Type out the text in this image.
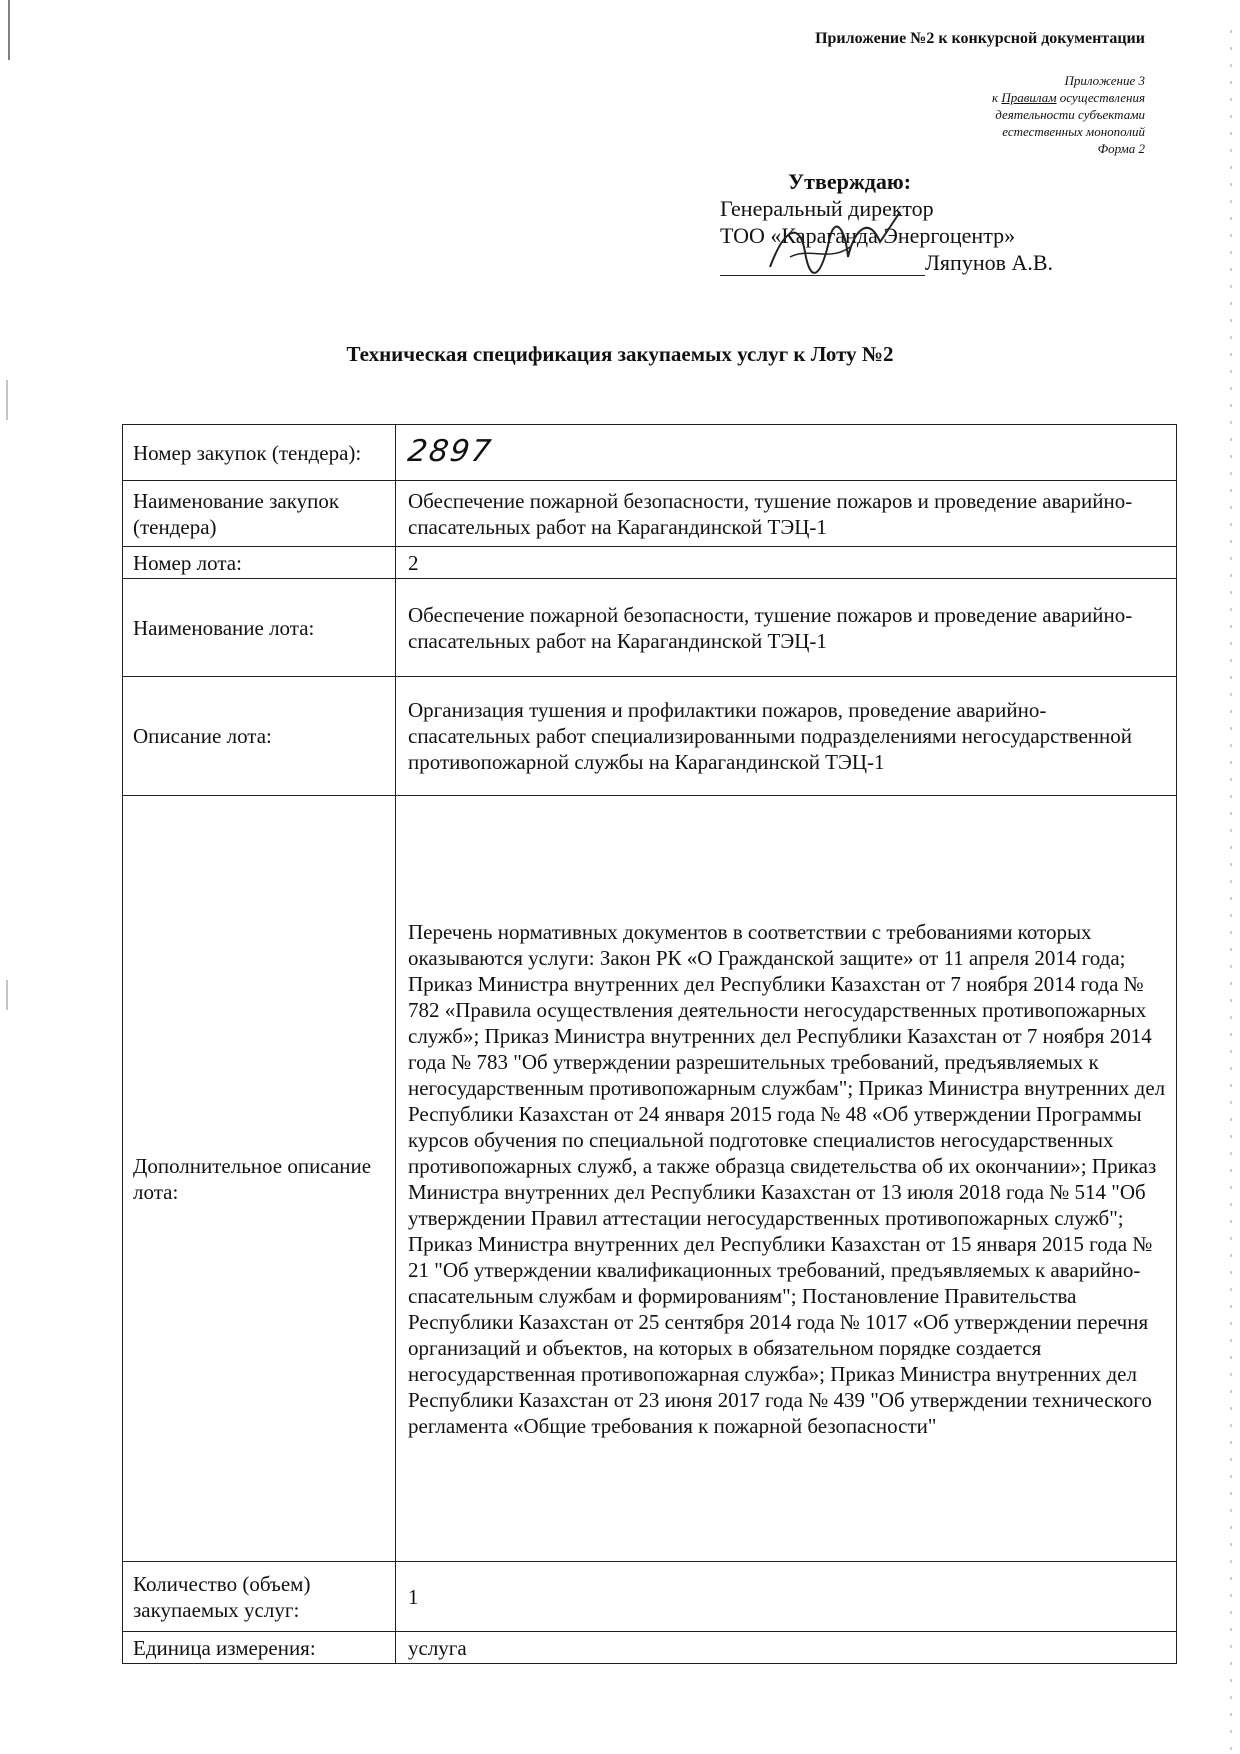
Приложение №2 к конкурсной документации
Приложение 3
к Правилам осуществления
деятельности субъектами
естественных монополий
Форма 2
Утверждаю:
Генеральный директор
ТОО «Караганда Энергоцентр»
Ляпунов А.В.
Техническая спецификация закупаемых услуг к Лоту №2
Номер закупок (тендера):	2897
Наименование закупок (тендера)	Обеспечение пожарной безопасности, тушение пожаров и проведение аварийно-спасательных работ на Карагандинской ТЭЦ-1
Номер лота:	2
Наименование лота:	Обеспечение пожарной безопасности, тушение пожаров и проведение аварийно-спасательных работ на Карагандинской ТЭЦ-1
Описание лота:	Организация тушения и профилактики пожаров, проведение аварийно-спасательных работ специализированными подразделениями негосударственной противопожарной службы на Карагандинской ТЭЦ-1
Дополнительное описание лота:	Перечень нормативных документов в соответствии с требованиями которых оказываются услуги: Закон РК «О Гражданской защите» от 11 апреля 2014 года; Приказ Министра внутренних дел Республики Казахстан от 7 ноября 2014 года № 782 «Правила осуществления деятельности негосударственных противопожарных служб»; Приказ Министра внутренних дел Республики Казахстан от 7 ноября 2014 года № 783 "Об утверждении разрешительных требований, предъявляемых к негосударственным противопожарным службам"; Приказ Министра внутренних дел Республики Казахстан от 24 января 2015 года № 48 «Об утверждении Программы курсов обучения по специальной подготовке специалистов негосударственных противопожарных служб, а также образца свидетельства об их окончании»; Приказ Министра внутренних дел Республики Казахстан от 13 июля 2018 года № 514 "Об утверждении Правил аттестации негосударственных противопожарных служб"; Приказ Министра внутренних дел Республики Казахстан от 15 января 2015 года № 21 "Об утверждении квалификационных требований, предъявляемых к аварийно-спасательным службам и формированиям"; Постановление Правительства Республики Казахстан от 25 сентября 2014 года № 1017 «Об утверждении перечня организаций и объектов, на которых в обязательном порядке создается негосударственная противопожарная служба»; Приказ Министра внутренних дел Республики Казахстан от 23 июня 2017 года № 439 "Об утверждении технического регламента «Общие требования к пожарной безопасности"
Количество (объем) закупаемых услуг:	1
Единица измерения:	услуга
